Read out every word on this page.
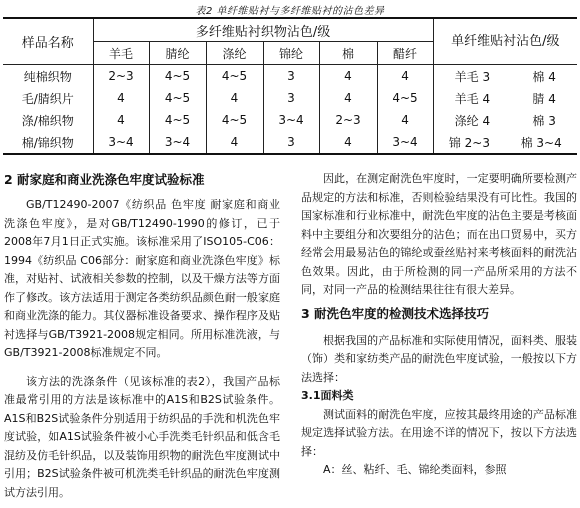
表2 单纤维贴衬与多纤维贴衬的沾色差异
样品名称	多纤维贴衬织物沾色/级						单纤维贴衬沾色/级
	羊毛	腈纶	涤纶	锦纶	棉	醋纤	
纯棉织物	2~3	4~5	4~5	3	4	4	羊毛 3 棉 4

毛/腈织片	4	4~5	4	3	4	4~5	羊毛 4 腈 4

涤/棉织物	4	4~5	4~5	3~4	2~3	4	涤纶 4 棉 3

棉/锦织物	3~4	3~4	4	3	4	3~4	锦 2~3 棉 3~4
2 耐家庭和商业洗涤色牢度试验标准

GB/T12490-2007《纺织品 色牢度 耐家庭和商业洗涤色牢度》，是对GB/T12490-1990的修订，已于2008年7月1日正式实施。该标准采用了ISO105-C06：1994《纺织品 C06部分：耐家庭和商业洗涤色牢度》标准，对贴衬、试液相关参数的控制，以及干燥方法等方面作了修改。该方法适用于测定各类纺织品颜色耐一般家庭和商业洗涤的能力。其仪器标准设备要求、操作程序及贴衬选择与GB/T3921-2008规定相同。所用标准洗液，与GB/T3921-2008标准规定不同。

该方法的洗涤条件（见该标准的表2），我国产品标准最常引用的方法是该标准中的A1S和B2S试验条件。A1S和B2S试验条件分别适用于纺织品的手洗和机洗色牢度试验，如A1S试验条件被小心手洗类毛针织品和低含毛混纺及仿毛针织品，以及装饰用织物的耐洗色牢度测试中引用；B2S试验条件被可机洗类毛针织品的耐洗色牢度测试方法引用。

因此，在测定耐洗色牢度时，一定要明确所要检测产品规定的方法和标准，否则检验结果没有可比性。我国的国家标准和行业标准中，耐洗色牢度的沾色主要是考核面料中主要组分和次要组分的沾色；而在出口贸易中，买方经常会用最易沾色的锦纶或蚕丝贴衬来考核面料的耐洗沾色效果。因此，由于所检测的同一产品所采用的方法不同，对同一产品的检测结果往往有很大差异。

3 耐洗色牢度的检测技术选择技巧

根据我国的产品标准和实际使用情况，面料类、服装（饰）类和家纺类产品的耐洗色牢度试验，一般按以下方法选择：

3.1面料类

测试面料的耐洗色牢度，应按其最终用途的产品标准规定选择试验方法。在用途不详的情况下，按以下方法选择：

A：丝、粘纤、毛、锦纶类面料，参照
